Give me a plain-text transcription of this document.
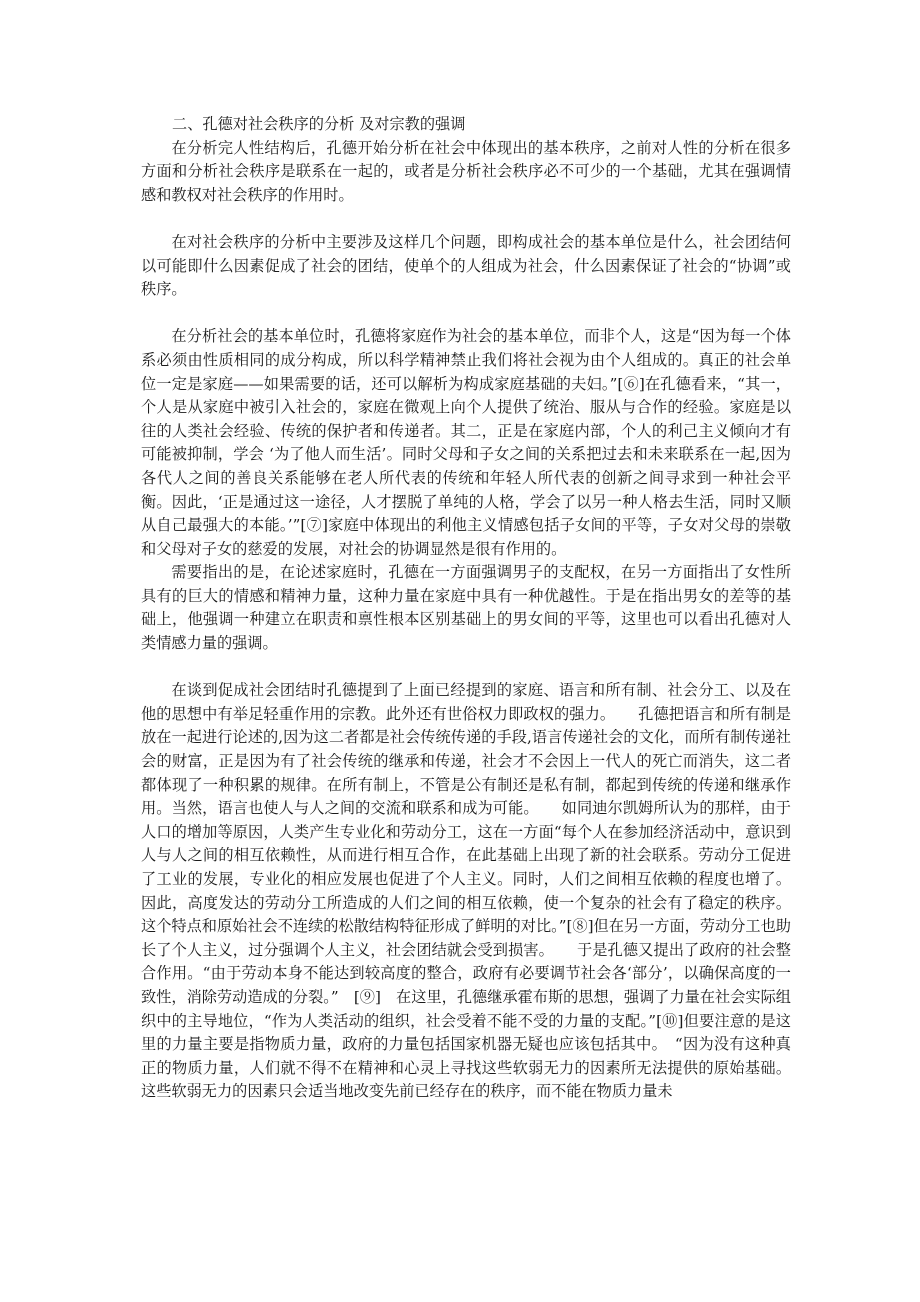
二、孔德对社会秩序的分析 及对宗教的强调

在分析完人性结构后，孔德开始分析在社会中体现出的基本秩序，之前对人性的分析在很多方面和分析社会秩序是联系在一起的，或者是分析社会秩序必不可少的一个基础，尤其在强调情感和教权对社会秩序的作用时。

在对社会秩序的分析中主要涉及这样几个问题，即构成社会的基本单位是什么，社会团结何以可能即什么因素促成了社会的团结，使单个的人组成为社会，什么因素保证了社会的“协调”或秩序。

在分析社会的基本单位时，孔德将家庭作为社会的基本单位，而非个人，这是“因为每一个体系必须由性质相同的成分构成，所以科学精神禁止我们将社会视为由个人组成的。真正的社会单位一定是家庭——如果需要的话，还可以解析为构成家庭基础的夫妇。”[⑥]在孔德看来，“其一，个人是从家庭中被引入社会的，家庭在微观上向个人提供了统治、服从与合作的经验。家庭是以往的人类社会经验、传统的保护者和传递者。其二，正是在家庭内部，个人的利己主义倾向才有可能被抑制，学会 ‘为了他人而生活’。同时父母和子女之间的关系把过去和未来联系在一起,因为各代人之间的善良关系能够在老人所代表的传统和年轻人所代表的创新之间寻求到一种社会平衡。因此，‘正是通过这一途径，人才摆脱了单纯的人格，学会了以另一种人格去生活，同时又顺从自己最强大的本能。’”[⑦]家庭中体现出的利他主义情感包括子女间的平等，子女对父母的崇敬和父母对子女的慈爱的发展，对社会的协调显然是很有作用的。

需要指出的是，在论述家庭时，孔德在一方面强调男子的支配权，在另一方面指出了女性所具有的巨大的情感和精神力量，这种力量在家庭中具有一种优越性。于是在指出男女的差等的基础上，他强调一种建立在职责和禀性根本区别基础上的男女间的平等，这里也可以看出孔德对人类情感力量的强调。

在谈到促成社会团结时孔德提到了上面已经提到的家庭、语言和所有制、社会分工、以及在他的思想中有举足轻重作用的宗教。此外还有世俗权力即政权的强力。　　孔德把语言和所有制是放在一起进行论述的,因为这二者都是社会传统传递的手段,语言传递社会的文化，而所有制传递社会的财富，正是因为有了社会传统的继承和传递，社会才不会因上一代人的死亡而消失，这二者都体现了一种积累的规律。在所有制上，不管是公有制还是私有制，都起到传统的传递和继承作用。当然，语言也使人与人之间的交流和联系和成为可能。　　如同迪尔凯姆所认为的那样，由于人口的增加等原因，人类产生专业化和劳动分工，这在一方面“每个人在参加经济活动中，意识到人与人之间的相互依赖性，从而进行相互合作，在此基础上出现了新的社会联系。劳动分工促进了工业的发展，专业化的相应发展也促进了个人主义。同时，人们之间相互依赖的程度也增了。因此，高度发达的劳动分工所造成的人们之间的相互依赖，使一个复杂的社会有了稳定的秩序。这个特点和原始社会不连续的松散结构特征形成了鲜明的对比。”[⑧]但在另一方面，劳动分工也助长了个人主义，过分强调个人主义，社会团结就会受到损害。　　于是孔德又提出了政府的社会整合作用。“由于劳动本身不能达到较高度的整合，政府有必要调节社会各‘部分’，以确保高度的一致性，消除劳动造成的分裂。”　[⑨]　在这里，孔德继承霍布斯的思想，强调了力量在社会实际组织中的主导地位，“作为人类活动的组织，社会受着不能不受的力量的支配。”[⑩]但要注意的是这里的力量主要是指物质力量，政府的力量包括国家机器无疑也应该包括其中。　“因为没有这种真正的物质力量，人们就不得不在精神和心灵上寻找这些软弱无力的因素所无法提供的原始基础。这些软弱无力的因素只会适当地改变先前已经存在的秩序，而不能在物质力量未
